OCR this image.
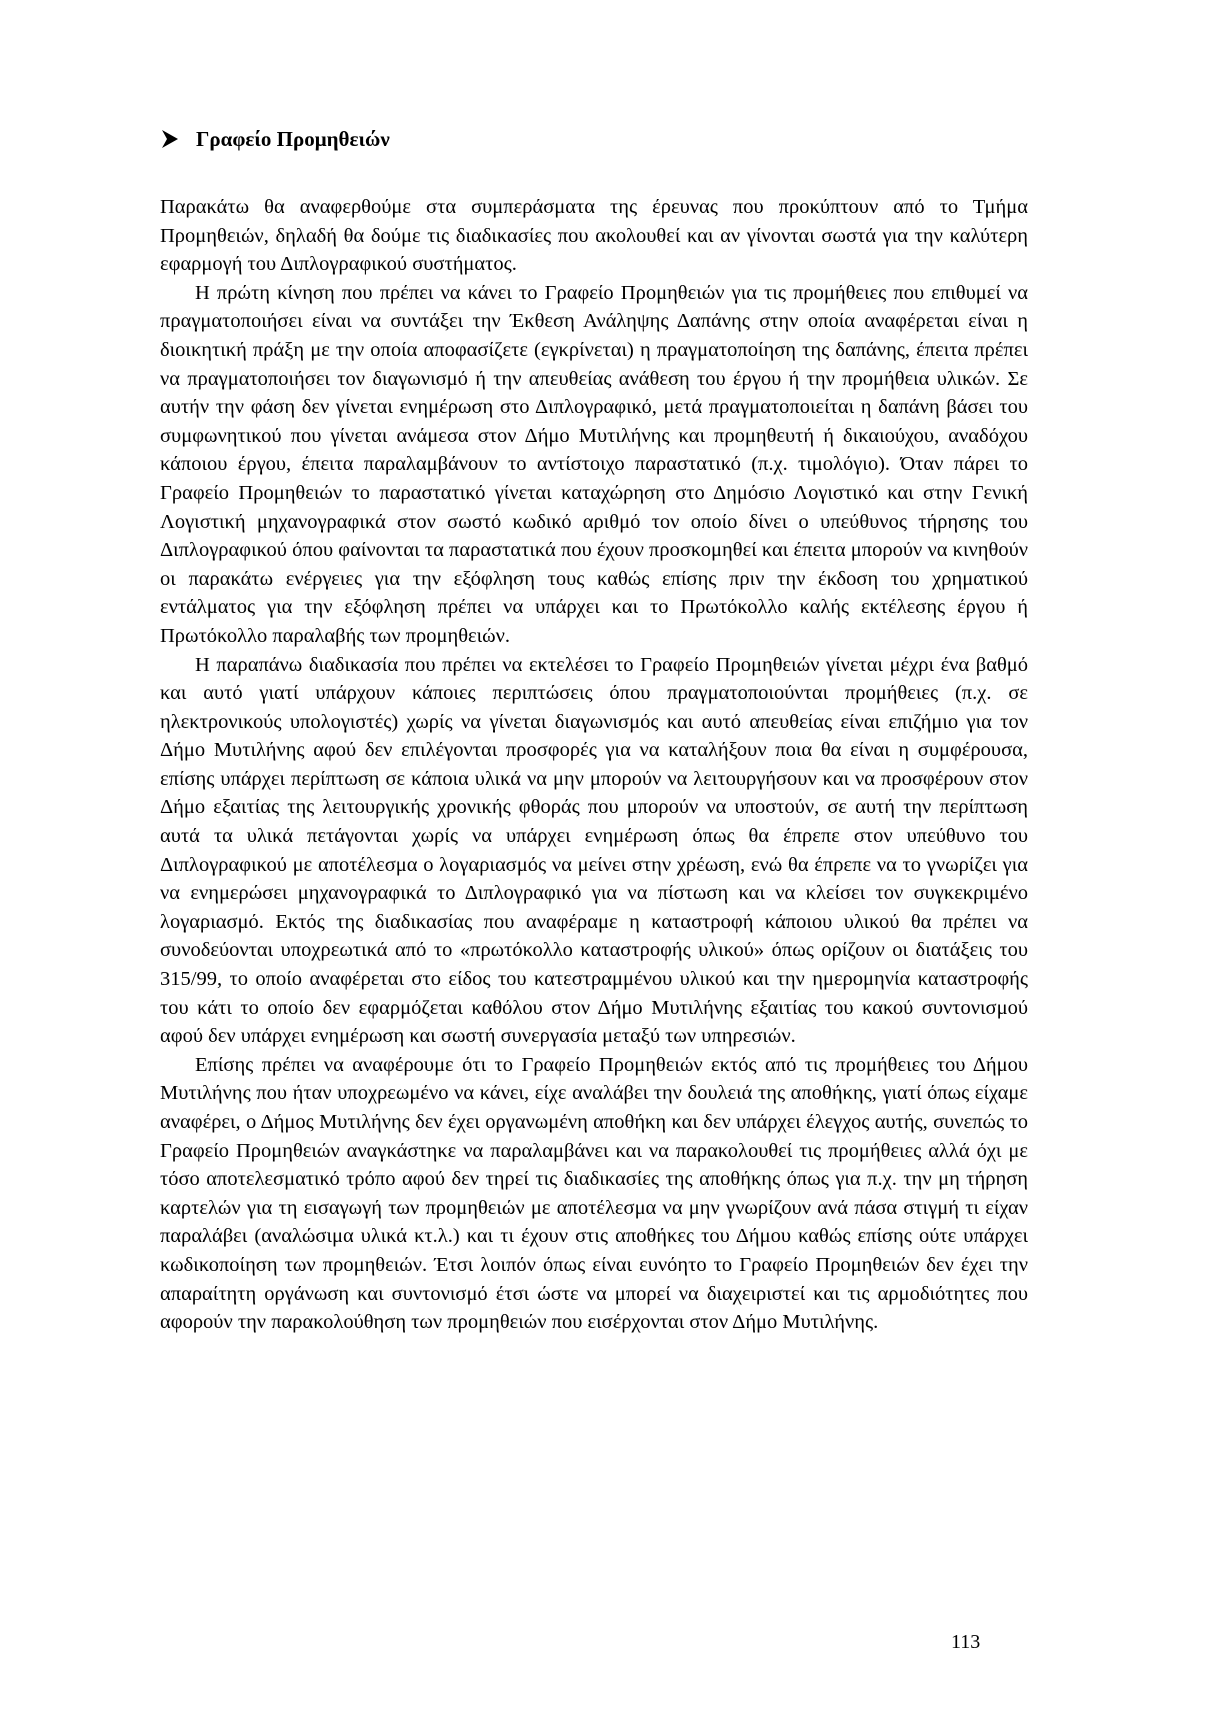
Γραφείο Προμηθειών

Παρακάτω θα αναφερθούμε στα συμπεράσματα της έρευνας που προκύπτουν από το Τμήμα Προμηθειών, δηλαδή θα δούμε τις διαδικασίες που ακολουθεί και αν γίνονται σωστά για την καλύτερη εφαρμογή του Διπλογραφικού συστήματος.

Η πρώτη κίνηση που πρέπει να κάνει το Γραφείο Προμηθειών για τις προμήθειες που επιθυμεί να πραγματοποιήσει είναι να συντάξει την Έκθεση Ανάληψης Δαπάνης στην οποία αναφέρεται είναι η διοικητική πράξη με την οποία αποφασίζετε (εγκρίνεται) η πραγματοποίηση της δαπάνης, έπειτα πρέπει να πραγματοποιήσει τον διαγωνισμό ή την απευθείας ανάθεση του έργου ή την προμήθεια υλικών. Σε αυτήν την φάση δεν γίνεται ενημέρωση στο Διπλογραφικό, μετά πραγματοποιείται η δαπάνη βάσει του συμφωνητικού που γίνεται ανάμεσα στον Δήμο Μυτιλήνης και προμηθευτή ή δικαιούχου, αναδόχου κάποιου έργου, έπειτα παραλαμβάνουν το αντίστοιχο παραστατικό (π.χ. τιμολόγιο). Όταν πάρει το Γραφείο Προμηθειών το παραστατικό γίνεται καταχώρηση στο Δημόσιο Λογιστικό και στην Γενική Λογιστική μηχανογραφικά στον σωστό κωδικό αριθμό τον οποίο δίνει ο υπεύθυνος τήρησης του Διπλογραφικού όπου φαίνονται τα παραστατικά που έχουν προσκομηθεί και έπειτα μπορούν να κινηθούν οι παρακάτω ενέργειες για την εξόφληση τους καθώς επίσης πριν την έκδοση του χρηματικού εντάλματος για την εξόφληση πρέπει να υπάρχει και το Πρωτόκολλο καλής εκτέλεσης έργου ή Πρωτόκολλο παραλαβής των προμηθειών.

Η παραπάνω διαδικασία που πρέπει να εκτελέσει το Γραφείο Προμηθειών γίνεται μέχρι ένα βαθμό και αυτό γιατί υπάρχουν κάποιες περιπτώσεις όπου πραγματοποιούνται προμήθειες (π.χ. σε ηλεκτρονικούς υπολογιστές) χωρίς να γίνεται διαγωνισμός και αυτό απευθείας είναι επιζήμιο για τον Δήμο Μυτιλήνης αφού δεν επιλέγονται προσφορές για να καταλήξουν ποια θα είναι η συμφέρουσα, επίσης υπάρχει περίπτωση σε κάποια υλικά να μην μπορούν να λειτουργήσουν και να προσφέρουν στον Δήμο εξαιτίας της λειτουργικής χρονικής φθοράς που μπορούν να υποστούν, σε αυτή την περίπτωση αυτά τα υλικά πετάγονται χωρίς να υπάρχει ενημέρωση όπως θα έπρεπε στον υπεύθυνο του Διπλογραφικού με αποτέλεσμα ο λογαριασμός να μείνει στην χρέωση, ενώ θα έπρεπε να το γνωρίζει για να ενημερώσει μηχανογραφικά το Διπλογραφικό για να πίστωση και να κλείσει τον συγκεκριμένο λογαριασμό. Εκτός της διαδικασίας που αναφέραμε η καταστροφή κάποιου υλικού θα πρέπει να συνοδεύονται υποχρεωτικά από το «πρωτόκολλο καταστροφής υλικού» όπως ορίζουν οι διατάξεις του 315/99, το οποίο αναφέρεται στο είδος του κατεστραμμένου υλικού και την ημερομηνία καταστροφής του κάτι το οποίο δεν εφαρμόζεται καθόλου στον Δήμο Μυτιλήνης εξαιτίας του κακού συντονισμού αφού δεν υπάρχει ενημέρωση και σωστή συνεργασία μεταξύ των υπηρεσιών.

Επίσης πρέπει να αναφέρουμε ότι το Γραφείο Προμηθειών εκτός από τις προμήθειες του Δήμου Μυτιλήνης που ήταν υποχρεωμένο να κάνει, είχε αναλάβει την δουλειά της αποθήκης, γιατί όπως είχαμε αναφέρει, ο Δήμος Μυτιλήνης δεν έχει οργανωμένη αποθήκη και δεν υπάρχει έλεγχος αυτής, συνεπώς το Γραφείο Προμηθειών αναγκάστηκε να παραλαμβάνει και να παρακολουθεί τις προμήθειες αλλά όχι με τόσο αποτελεσματικό τρόπο αφού δεν τηρεί τις διαδικασίες της αποθήκης όπως για π.χ. την μη τήρηση καρτελών για τη εισαγωγή των προμηθειών με αποτέλεσμα να μην γνωρίζουν ανά πάσα στιγμή τι είχαν παραλάβει (αναλώσιμα υλικά κτ.λ.) και τι έχουν στις αποθήκες του Δήμου καθώς επίσης ούτε υπάρχει κωδικοποίηση των προμηθειών. Έτσι λοιπόν όπως είναι ευνόητο το Γραφείο Προμηθειών δεν έχει την απαραίτητη οργάνωση και συντονισμό έτσι ώστε να μπορεί να διαχειριστεί και τις αρμοδιότητες που αφορούν την παρακολούθηση των προμηθειών που εισέρχονται στον Δήμο Μυτιλήνης.

113
